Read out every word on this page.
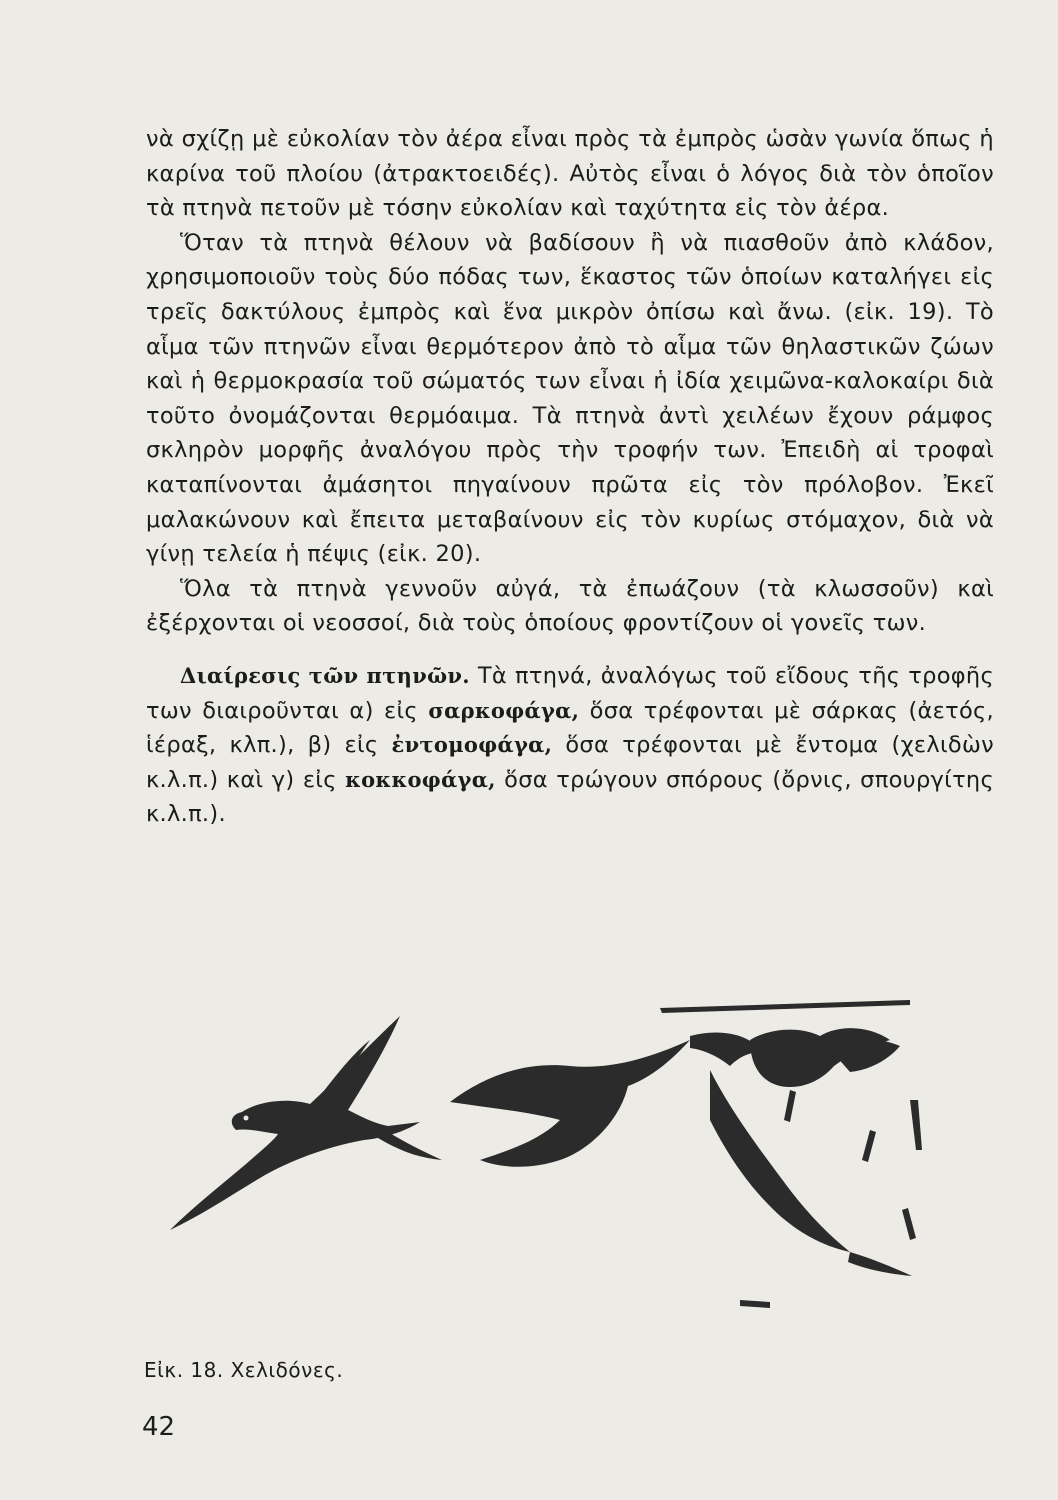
νὰ σχίζῃ μὲ εὐκολίαν τὸν ἀέρα εἶναι πρὸς τὰ ἐμπρὸς ὡσὰν γωνία ὅπως ἡ καρίνα τοῦ πλοίου (ἀτρακτοειδές). Αὐτὸς εἶναι ὁ λόγος διὰ τὸν ὁποῖον τὰ πτηνὰ πετοῦν μὲ τόσην εὐκολίαν καὶ ταχύτητα εἰς τὸν ἀέρα.

Ὅταν τὰ πτηνὰ θέλουν νὰ βαδίσουν ἢ νὰ πιασθοῦν ἀπὸ κλάδον, χρησιμοποιοῦν τοὺς δύο πόδας των, ἕκαστος τῶν ὁποίων καταλήγει εἰς τρεῖς δακτύλους ἐμπρὸς καὶ ἕνα μικρὸν ὀπίσω καὶ ἄνω. (εἰκ. 19). Τὸ αἷμα τῶν πτηνῶν εἶναι θερμότερον ἀπὸ τὸ αἷμα τῶν θηλαστικῶν ζώων καὶ ἡ θερμοκρασία τοῦ σώματός των εἶναι ἡ ἰδία χειμῶνα-καλοκαίρι διὰ τοῦτο ὀνομάζονται θερμόαιμα. Τὰ πτηνὰ ἀντὶ χειλέων ἔχουν ράμφος σκληρὸν μορφῆς ἀναλόγου πρὸς τὴν τροφήν των. Ἐπειδὴ αἱ τροφαὶ καταπίνονται ἀμάσητοι πηγαίνουν πρῶτα εἰς τὸν πρόλοβον. Ἐκεῖ μαλακώνουν καὶ ἔπειτα μεταβαίνουν εἰς τὸν κυρίως στόμαχον, διὰ νὰ γίνῃ τελεία ἡ πέψις (εἰκ. 20).

Ὅλα τὰ πτηνὰ γεννοῦν αὐγά, τὰ ἐπωάζουν (τὰ κλωσσοῦν) καὶ ἐξέρχονται οἱ νεοσσοί, διὰ τοὺς ὁποίους φροντίζουν οἱ γονεῖς των.

Διαίρεσις τῶν πτηνῶν. Τὰ πτηνά, ἀναλόγως τοῦ εἴδους τῆς τροφῆς των διαιροῦνται α) εἰς σαρκοφάγα, ὅσα τρέφονται μὲ σάρκας (ἀετός, ἱέραξ, κλπ.), β) εἰς ἐντομοφάγα, ὅσα τρέφονται μὲ ἔντομα (χελιδὼν κ.λ.π.) καὶ γ) εἰς κοκκοφάγα, ὅσα τρώγουν σπόρους (ὄρνις, σπουργίτης κ.λ.π.).

Εἰκ. 18. Χελιδόνες.
42
